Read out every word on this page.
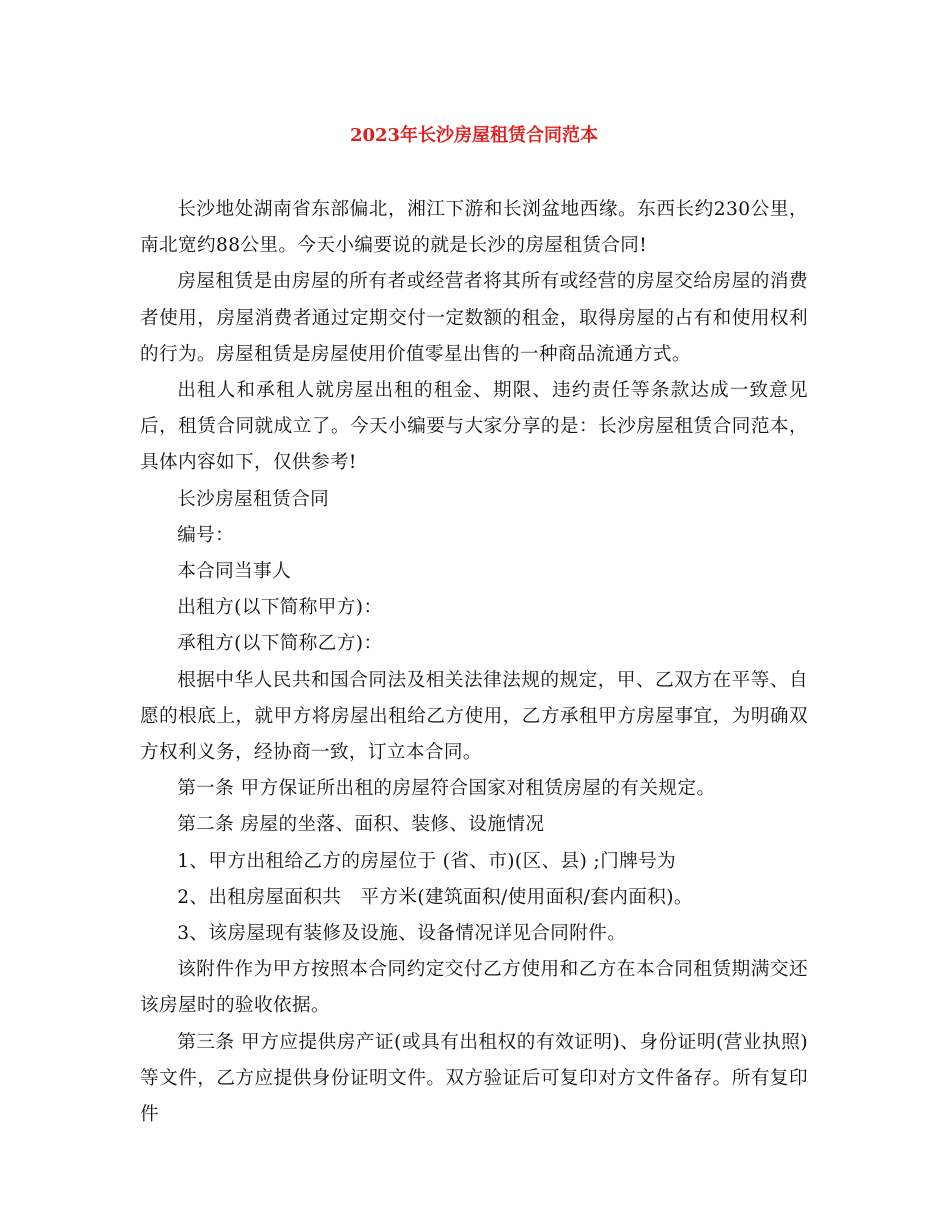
2023年长沙房屋租赁合同范本

长沙地处湖南省东部偏北，湘江下游和长浏盆地西缘。东西长约230公里，南北宽约88公里。今天小编要说的就是长沙的房屋租赁合同!

房屋租赁是由房屋的所有者或经营者将其所有或经营的房屋交给房屋的消费者使用，房屋消费者通过定期交付一定数额的租金，取得房屋的占有和使用权利的行为。房屋租赁是房屋使用价值零星出售的一种商品流通方式。

出租人和承租人就房屋出租的租金、期限、违约责任等条款达成一致意见后，租赁合同就成立了。今天小编要与大家分享的是：长沙房屋租赁合同范本，具体内容如下，仅供参考!

长沙房屋租赁合同

编号：

本合同当事人

出租方(以下简称甲方)：

承租方(以下简称乙方)：

根据中华人民共和国合同法及相关法律法规的规定，甲、乙双方在平等、自愿的根底上，就甲方将房屋出租给乙方使用，乙方承租甲方房屋事宜，为明确双方权利义务，经协商一致，订立本合同。

第一条 甲方保证所出租的房屋符合国家对租赁房屋的有关规定。

第二条 房屋的坐落、面积、装修、设施情况

1、甲方出租给乙方的房屋位于 (省、市)(区、县) ;门牌号为

2、出租房屋面积共　平方米(建筑面积/使用面积/套内面积)。

3、该房屋现有装修及设施、设备情况详见合同附件。

该附件作为甲方按照本合同约定交付乙方使用和乙方在本合同租赁期满交还该房屋时的验收依据。

第三条 甲方应提供房产证(或具有出租权的有效证明)、身份证明(营业执照)等文件，乙方应提供身份证明文件。双方验证后可复印对方文件备存。所有复印件
